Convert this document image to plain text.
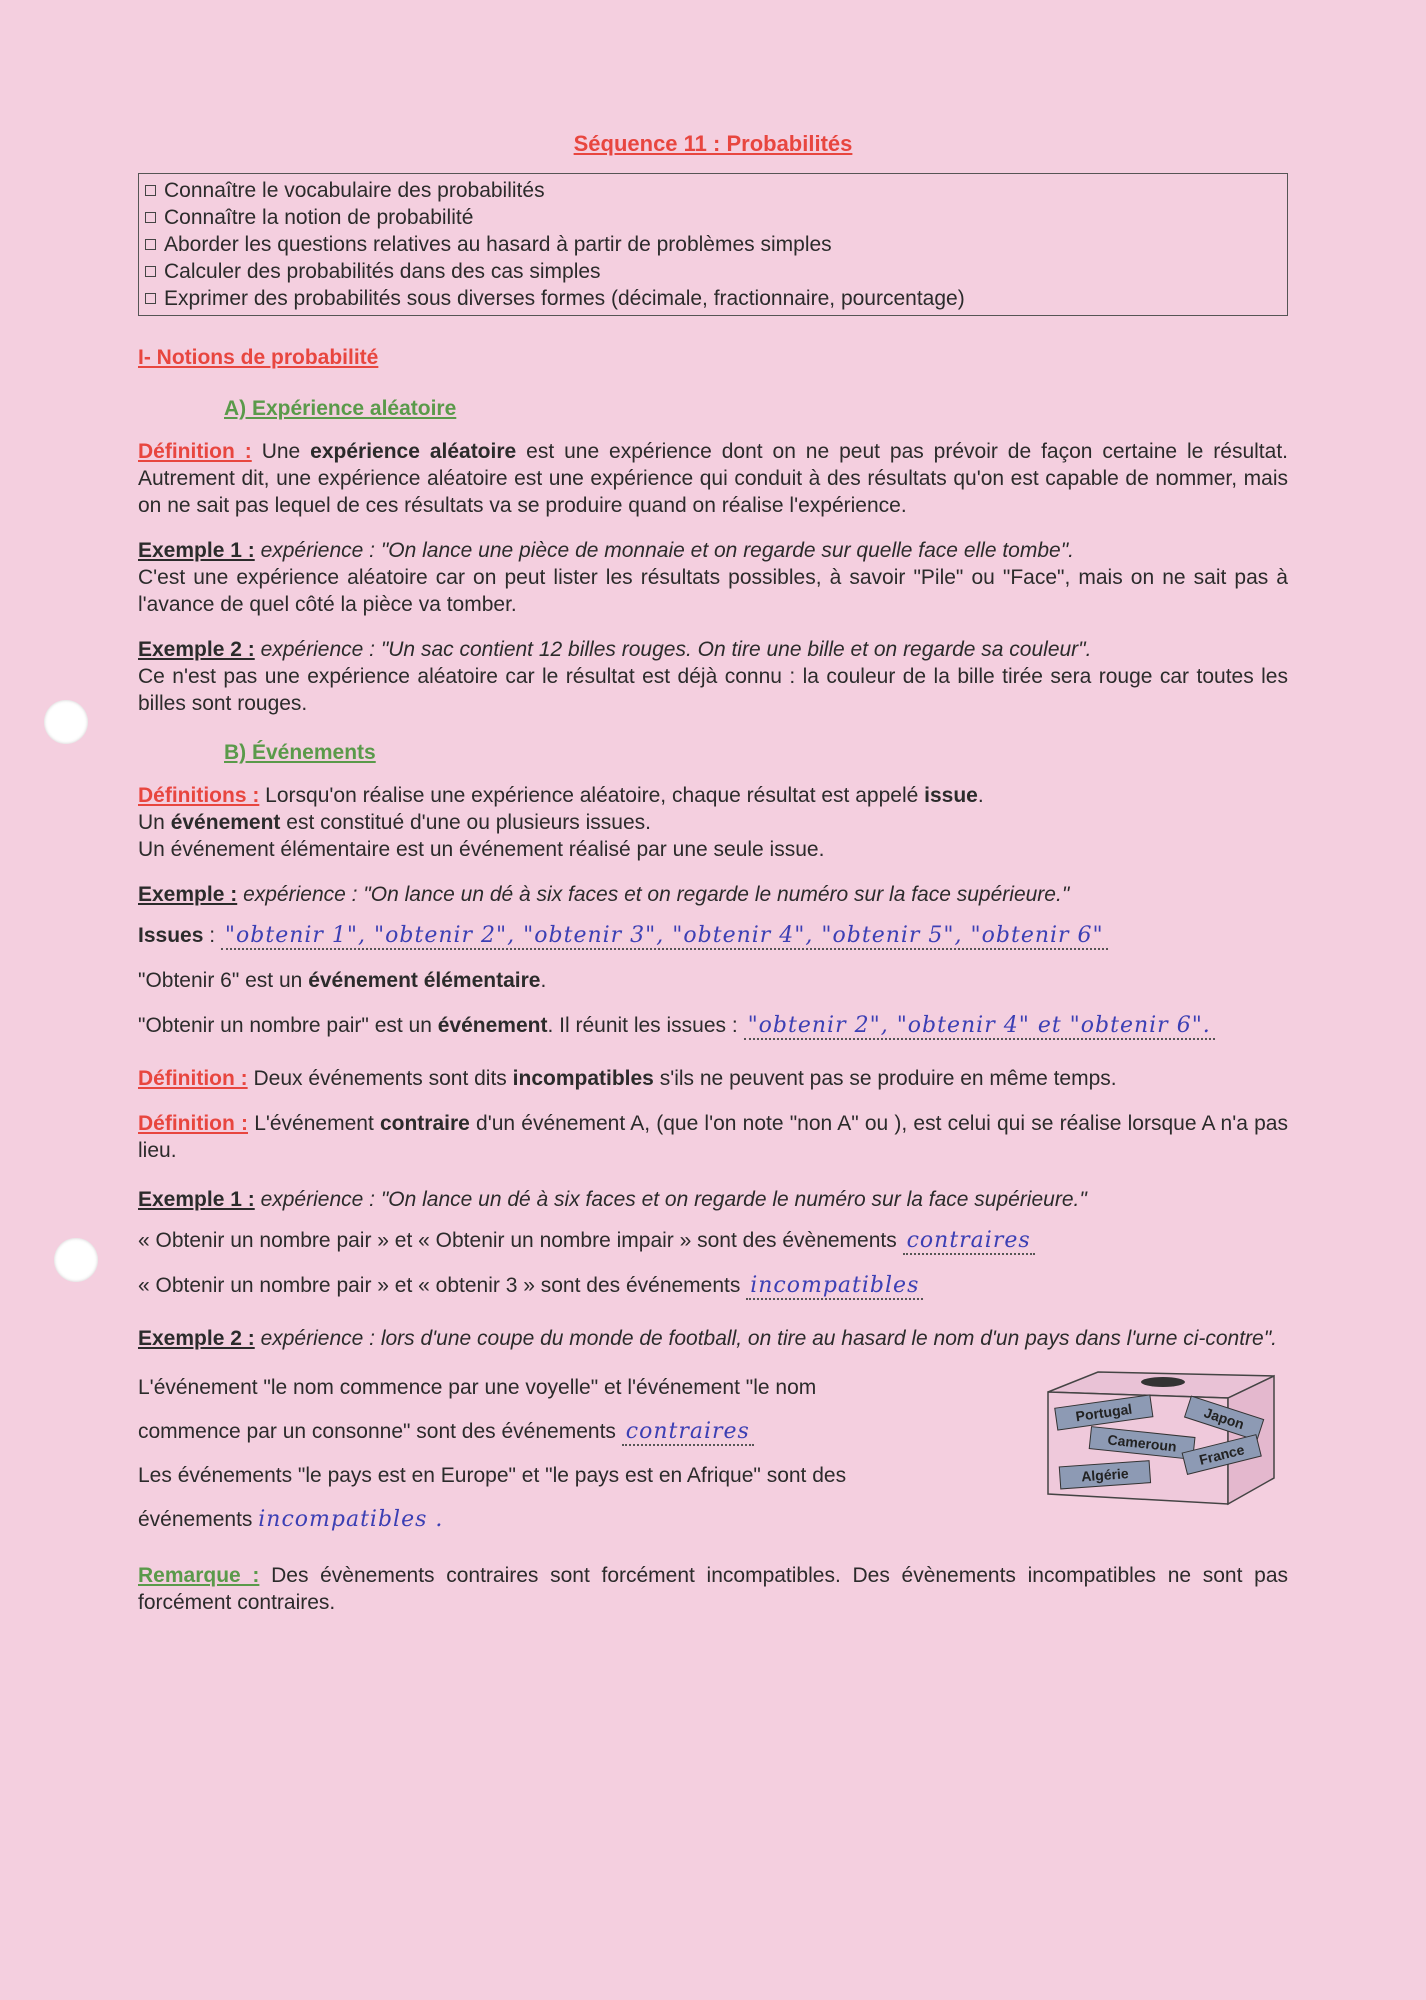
Séquence 11 : Probabilités
Connaître le vocabulaire des probabilités
Connaître la notion de probabilité
Aborder les questions relatives au hasard à partir de problèmes simples
Calculer des probabilités dans des cas simples
Exprimer des probabilités sous diverses formes (décimale, fractionnaire, pourcentage)
I- Notions de probabilité
A) Expérience aléatoire

Définition : Une expérience aléatoire est une expérience dont on ne peut pas prévoir de façon certaine le résultat. Autrement dit, une expérience aléatoire est une expérience qui conduit à des résultats qu'on est capable de nommer, mais on ne sait pas lequel de ces résultats va se produire quand on réalise l'expérience.

Exemple 1 : expérience : "On lance une pièce de monnaie et on regarde sur quelle face elle tombe".
C'est une expérience aléatoire car on peut lister les résultats possibles, à savoir "Pile" ou "Face", mais on ne sait pas à l'avance de quel côté la pièce va tomber.

Exemple 2 : expérience : "Un sac contient 12 billes rouges. On tire une bille et on regarde sa couleur".
Ce n'est pas une expérience aléatoire car le résultat est déjà connu : la couleur de la bille tirée sera rouge car toutes les billes sont rouges.

B) Événements

Définitions : Lorsqu'on réalise une expérience aléatoire, chaque résultat est appelé issue.
Un événement est constitué d'une ou plusieurs issues.
Un événement élémentaire est un événement réalisé par une seule issue.

Exemple : expérience : "On lance un dé à six faces et on regarde le numéro sur la face supérieure."

Issues : "obtenir 1", "obtenir 2", "obtenir 3", "obtenir 4", "obtenir 5", "obtenir 6"
"Obtenir 6" est un événement élémentaire.
"Obtenir un nombre pair" est un événement. Il réunit les issues : "obtenir 2", "obtenir 4" et "obtenir 6".

Définition : Deux événements sont dits incompatibles s'ils ne peuvent pas se produire en même temps.

Définition : L'événement contraire d'un événement A, (que l'on note "non A" ou ), est celui qui se réalise lorsque A n'a pas lieu.

Exemple 1 : expérience : "On lance un dé à six faces et on regarde le numéro sur la face supérieure."

« Obtenir un nombre pair » et « Obtenir un nombre impair » sont des évènements contraires
« Obtenir un nombre pair » et « obtenir 3 » sont des événements incompatibles

Exemple 2 : expérience : lors d'une coupe du monde de football, on tire au hasard le nom d'un pays dans l'urne ci-contre".

L'événement "le nom commence par une voyelle" et l'événement "le nom
commence par un consonne" sont des événements contraires
Les événements "le pays est en Europe" et "le pays est en Afrique" sont des
événements incompatibles .
Portugal	Japon
Cameroun France
Algérie

Remarque : Des évènements contraires sont forcément incompatibles. Des évènements incompatibles ne sont pas forcément contraires.
